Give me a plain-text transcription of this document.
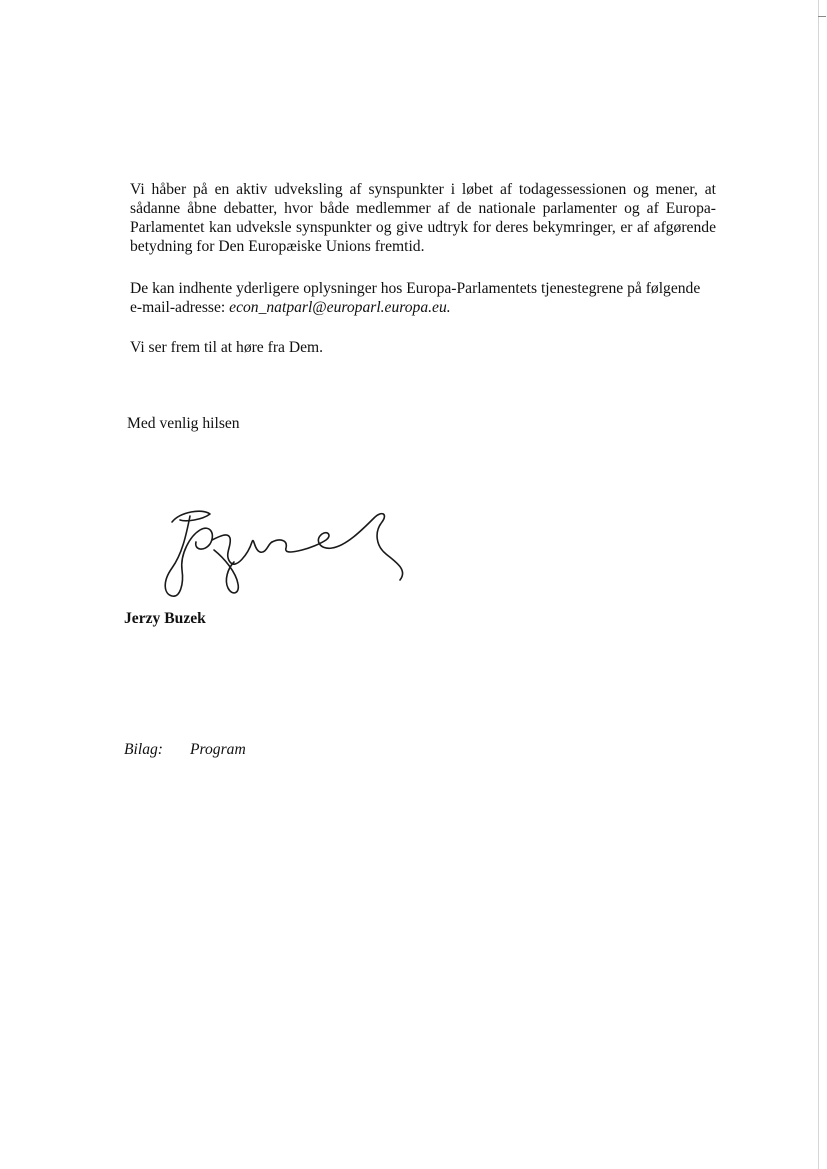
Vi håber på en aktiv udveksling af synspunkter i løbet af todagessessionen og mener, at sådanne åbne debatter, hvor både medlemmer af de nationale parlamenter og af Europa-Parlamentet kan udveksle synspunkter og give udtryk for deres bekymringer, er af afgørende betydning for Den Europæiske Unions fremtid.

De kan indhente yderligere oplysninger hos Europa-Parlamentets tjenestegrene på følgende
e-mail-adresse: econ_natparl@europarl.europa.eu.

Vi ser frem til at høre fra Dem.

Med venlig hilsen
Jerzy Buzek
Bilag: Program
